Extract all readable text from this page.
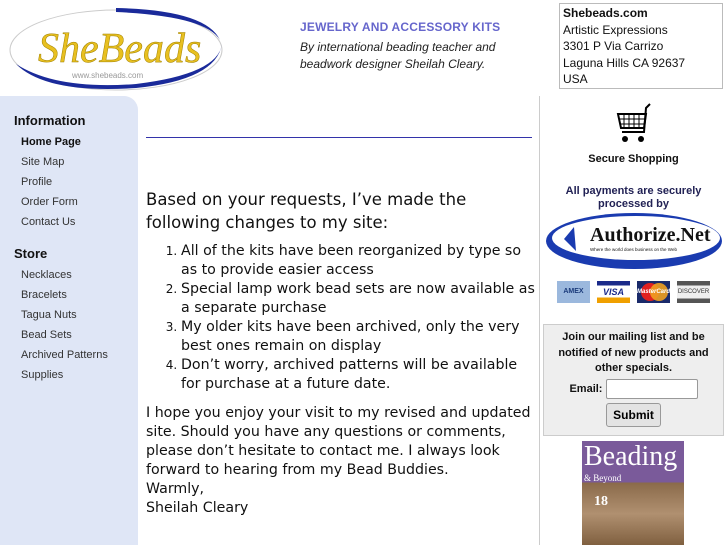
SheBeads
www.shebeads.com
JEWELRY AND ACCESSORY KITS
By international beading teacher and beadwork designer Sheilah Cleary.
Shebeads.com
Artistic Expressions
3301 P Via Carrizo
Laguna Hills CA 92637
USA
Information
Home Page
Site Map
Profile
Order Form
Contact Us
Store
Necklaces
Bracelets
Tagua Nuts
Bead Sets
Archived Patterns
Supplies
Based on your requests, I’ve made the following changes to my site:
1. All of the kits have been reorganized by type so as to provide easier access
2. Special lamp work bead sets are now available as a separate purchase
3. My older kits have been archived, only the very best ones remain on display
4. Don’t worry, archived patterns will be available for purchase at a future date.
I hope you enjoy your visit to my revised and updated site. Should you have any questions or comments, please don’t hesitate to contact me. I always look forward to hearing from my Bead Buddies.
Warmly,
Sheilah Cleary
Secure Shopping
All payments are securely processed by
Authorize.Net
Where the world does business on the Web
AMEX	VISA	MasterCard DISCOVER
Join our mailing list and be notified of new products and other specials.
Email:
Submit
Beading
& Beyond
18
